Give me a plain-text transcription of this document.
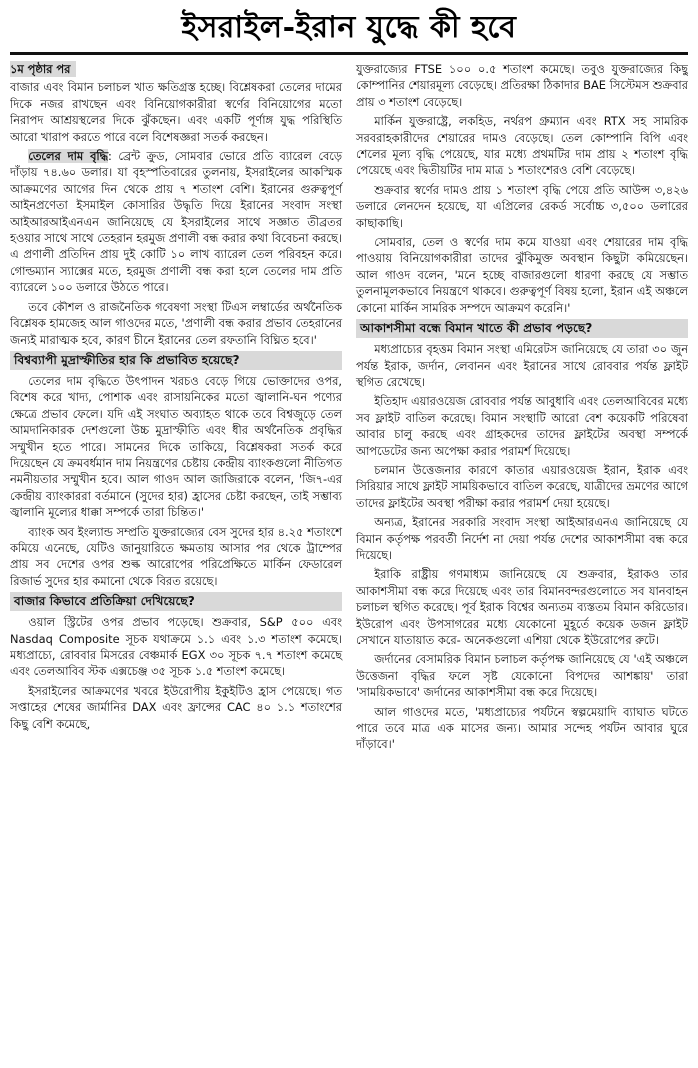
ইসরাইল-ইরান যুদ্ধে কী হবে
১ম পৃষ্ঠার পর

বাজার এবং বিমান চলাচল খাত ক্ষতিগ্রস্ত হচ্ছে। বিশ্লেষকরা তেলের দামের দিকে নজর রাখছেন এবং বিনিয়োগকারীরা স্বর্ণের বিনিয়োগের মতো নিরাপদ আশ্রয়স্থলের দিকে ঝুঁকছেন। এবং একটি পূর্ণাঙ্গ যুদ্ধ পরিস্থিতি আরো খারাপ করতে পারে বলে বিশেষজ্ঞরা সতর্ক করছেন।

তেলের দাম বৃদ্ধি: ব্রেন্ট ক্রুড, সোমবার ভোরে প্রতি ব্যারেল বেড়ে দাঁড়ায় ৭৪.৬০ ডলার। যা বৃহস্পতিবারের তুলনায়, ইসরাইলের আকস্মিক আক্রমণের আগের দিন থেকে প্রায় ৭ শতাংশ বেশি। ইরানের গুরুত্বপূর্ণ আইনপ্রণেতা ইসমাইল কোসারির উদ্ধৃতি দিয়ে ইরানের সংবাদ সংস্থা আইআরআইএনএন জানিয়েছে যে ইসরাইলের সাথে সজ্ঞাত তীব্রতর হওয়ার সাথে সাথে তেহরান হরমুজ প্রণালী বন্ধ করার কথা বিবেচনা করছে। এ প্রণালী প্রতিদিন প্রায় দুই কোটি ১০ লাখ ব্যারেল তেল পরিবহন করে। গোল্ডম্যান স্যাক্সের মতে, হরমুজ প্রণালী বন্ধ করা হলে তেলের দাম প্রতি ব্যারেলে ১০০ ডলারে উঠতে পারে।

তবে কৌশল ও রাজনৈতিক গবেষণা সংস্থা টিএস লম্বার্ডের অর্থনৈতিক বিশ্লেষক হামজেহ আল গাওদের মতে, 'প্রণালী বন্ধ করার প্রভাব তেহরানের জন্যই মারাত্মক হবে, কারণ চীনে ইরানের তেল রফতানি বিঘ্নিত হবে।'

বিশ্বব্যাপী মুদ্রাস্ফীতির হার কি প্রভাবিত হয়েছে?

তেলের দাম বৃদ্ধিতে উৎপাদন খরচও বেড়ে গিয়ে ভোক্তাদের ওপর, বিশেষ করে খাদ্য, পোশাক এবং রাসায়নিকের মতো জ্বালানি-ঘন পণ্যের ক্ষেত্রে প্রভাব ফেলে। যদি এই সংঘাত অব্যাহত থাকে তবে বিশ্বজুড়ে তেল আমদানিকারক দেশগুলো উচ্চ মুদ্রাস্ফীতি এবং ধীর অর্থনৈতিক প্রবৃদ্ধির সম্মুখীন হতে পারে। সামনের দিকে তাকিয়ে, বিশ্লেষকরা সতর্ক করে দিয়েছেন যে ক্রমবর্ধমান দাম নিয়ন্ত্রণের চেষ্টায় কেন্দ্রীয় ব্যাংকগুলো নীতিগত নমনীয়তার সম্মুখীন হবে। আল গাওদ আল জাজিরাকে বলেন, 'জি৭-এর কেন্দ্রীয় ব্যাংকাররা বর্তমানে (সুদের হার) হ্রাসের চেষ্টা করছেন, তাই সম্ভাব্য জ্বালানি মূল্যের ধাক্কা সম্পর্কে তারা চিন্তিত।'

ব্যাংক অব ইংল্যান্ড সম্প্রতি যুক্তরাজ্যের বেস সুদের হার ৪.২৫ শতাংশে কমিয়ে এনেছে, যেটিও জানুয়ারিতে ক্ষমতায় আসার পর থেকে ট্রাম্পের প্রায় সব দেশের ওপর শুল্ক আরোপের পরিপ্রেক্ষিতে মার্কিন ফেডারেল রিজার্ভ সুদের হার কমানো থেকে বিরত রয়েছে।

বাজার কিভাবে প্রতিক্রিয়া দেখিয়েছে?

ওয়াল স্ট্রিটের ওপর প্রভাব পড়েছে। শুক্রবার, S&P ৫০০ এবং Nasdaq Composite সূচক যথাক্রমে ১.১ এবং ১.৩ শতাংশ কমেছে। মধ্যপ্রাচ্যে, রোববার মিসরের বেঞ্চমার্ক EGX ৩০ সূচক ৭.৭ শতাংশ কমেছে এবং তেলআবিব স্টক এক্সচেঞ্জ ৩৫ সূচক ১.৫ শতাংশ কমেছে।

ইসরাইলের আক্রমণের খবরে ইউরোপীয় ইকুইটিও হ্রাস পেয়েছে। গত সপ্তাহের শেষের জার্মানির DAX এবং ফ্রান্সের CAC ৪০ ১.১ শতাংশের কিছু বেশি কমেছে,

যুক্তরাজ্যের FTSE ১০০ ০.৫ শতাংশ কমেছে। তবুও যুক্তরাজ্যের কিছু কোম্পানির শেয়ারমূল্য বেড়েছে। প্রতিরক্ষা ঠিকাদার BAE সিস্টেমস শুক্রবার প্রায় ৩ শতাংশ বেড়েছে।

মার্কিন যুক্তরাষ্ট্রে, লকহিড, নর্থরপ গ্রুম্যান এবং RTX সহ সামরিক সরবরাহকারীদের শেয়ারের দামও বেড়েছে। তেল কোম্পানি বিপি এবং শেলের মূল্য বৃদ্ধি পেয়েছে, যার মধ্যে প্রথমটির দাম প্রায় ২ শতাংশ বৃদ্ধি পেয়েছে এবং দ্বিতীয়টির দাম মাত্র ১ শতাংশেরও বেশি বেড়েছে।

শুক্রবার স্বর্ণের দামও প্রায় ১ শতাংশ বৃদ্ধি পেয়ে প্রতি আউন্স ৩,৪২৬ ডলারে লেনদেন হয়েছে, যা এপ্রিলের রেকর্ড সর্বোচ্চ ৩,৫০০ ডলারের কাছাকাছি।

সোমবার, তেল ও স্বর্ণের দাম কমে যাওয়া এবং শেয়ারের দাম বৃদ্ধি পাওয়ায় বিনিয়োগকারীরা তাদের ঝুঁকিমুক্ত অবস্থান কিছুটা কমিয়েছেন। আল গাওদ বলেন, 'মনে হচ্ছে বাজারগুলো ধারণা করছে যে সম্ভাত তুলনামূলকভাবে নিয়ন্ত্রণে থাকবে। গুরুত্বপূর্ণ বিষয় হলো, ইরান এই অঞ্চলে কোনো মার্কিন সামরিক সম্পদে আক্রমণ করেনি।'

আকাশসীমা বন্ধে বিমান খাতে কী প্রভাব পড়ছে?

মধ্যপ্রাচ্যের বৃহত্তম বিমান সংস্থা এমিরেটস জানিয়েছে যে তারা ৩০ জুন পর্যন্ত ইরাক, জর্দান, লেবানন এবং ইরানের সাথে রোববার পর্যন্ত ফ্লাইট স্থগিত রেখেছে।

ইতিহাদ এয়ারওয়েজ রোববার পর্যন্ত আবুধাবি এবং তেলআবিবের মধ্যে সব ফ্লাইট বাতিল করেছে। বিমান সংস্থাটি আরো বেশ কয়েকটি পরিষেবা আবার চালু করছে এবং গ্রাহকদের তাদের ফ্লাইটের অবস্থা সম্পর্কে আপডেটের জন্য অপেক্ষা করার পরামর্শ দিয়েছে।

চলমান উত্তেজনার কারণে কাতার এয়ারওয়েজ ইরান, ইরাক এবং সিরিয়ার সাথে ফ্লাইট সাময়িকভাবে বাতিল করেছে, যাত্রীদের ভ্রমণের আগে তাদের ফ্লাইটের অবস্থা পরীক্ষা করার পরামর্শ দেয়া হয়েছে।

অন্যত্র, ইরানের সরকারি সংবাদ সংস্থা আইআরএনএ জানিয়েছে যে বিমান কর্তৃপক্ষ পরবর্তী নির্দেশ না দেয়া পর্যন্ত দেশের আকাশসীমা বন্ধ করে দিয়েছে।

ইরাকি রাষ্ট্রীয় গণমাধ্যম জানিয়েছে যে শুক্রবার, ইরাকও তার আকাশসীমা বন্ধ করে দিয়েছে এবং তার বিমানবন্দরগুলোতে সব যানবাহন চলাচল স্থগিত করেছে। পূর্ব ইরাক বিশ্বের অন্যতম ব্যস্ততম বিমান করিডোর। ইউরোপ এবং উপসাগরের মধ্যে যেকোনো মুহূর্তে কয়েক ডজন ফ্লাইট সেখানে যাতায়াত করে- অনেকগুলো এশিয়া থেকে ইউরোপের রুটে।

জর্দানের বেসামরিক বিমান চলাচল কর্তৃপক্ষ জানিয়েছে যে 'এই অঞ্চলে উত্তেজনা বৃদ্ধির ফলে সৃষ্ট যেকোনো বিপদের আশঙ্কায়' তারা 'সাময়িকভাবে' জর্দানের আকাশসীমা বন্ধ করে দিয়েছে।

আল গাওদের মতে, 'মধ্যপ্রাচ্যের পর্যটনে স্বল্পমেয়াদি ব্যাঘাত ঘটতে পারে তবে মাত্র এক মাসের জন্য। আমার সন্দেহ পর্যটন আবার ঘুরে দাঁড়াবে।'
